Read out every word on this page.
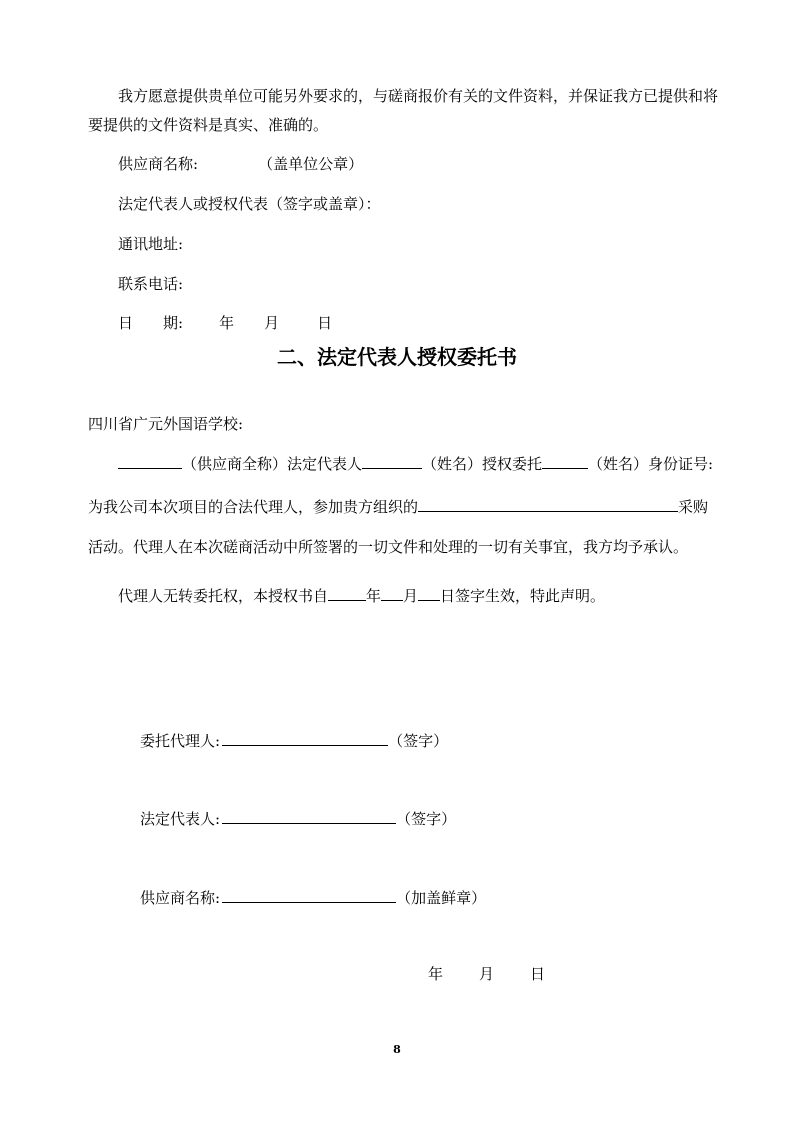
我方愿意提供贵单位可能另外要求的，与磋商报价有关的文件资料，并保证我方已提供和将
要提供的文件资料是真实、准确的。
供应商名称:	（盖单位公章）
法定代表人或授权代表（签字或盖章）：
通讯地址:
联系电话:
日　　期: 年 月	日
二、法定代表人授权委托书
四川省广元外国语学校:
（供应商全称）法定代表人	（姓名）授权委托	（姓名）身份证号:
为我公司本次项目的合法代理人，参加贵方组织的	采购
活动。代理人在本次磋商活动中所签署的一切文件和处理的一切有关事宜，我方均予承认。
代理人无转委托权，本授权书自	年 月 日签字生效，特此声明。
委托代理人:	（签字）
法定代表人:	（签字）
供应商名称:	（加盖鲜章）
年 月 日
8
